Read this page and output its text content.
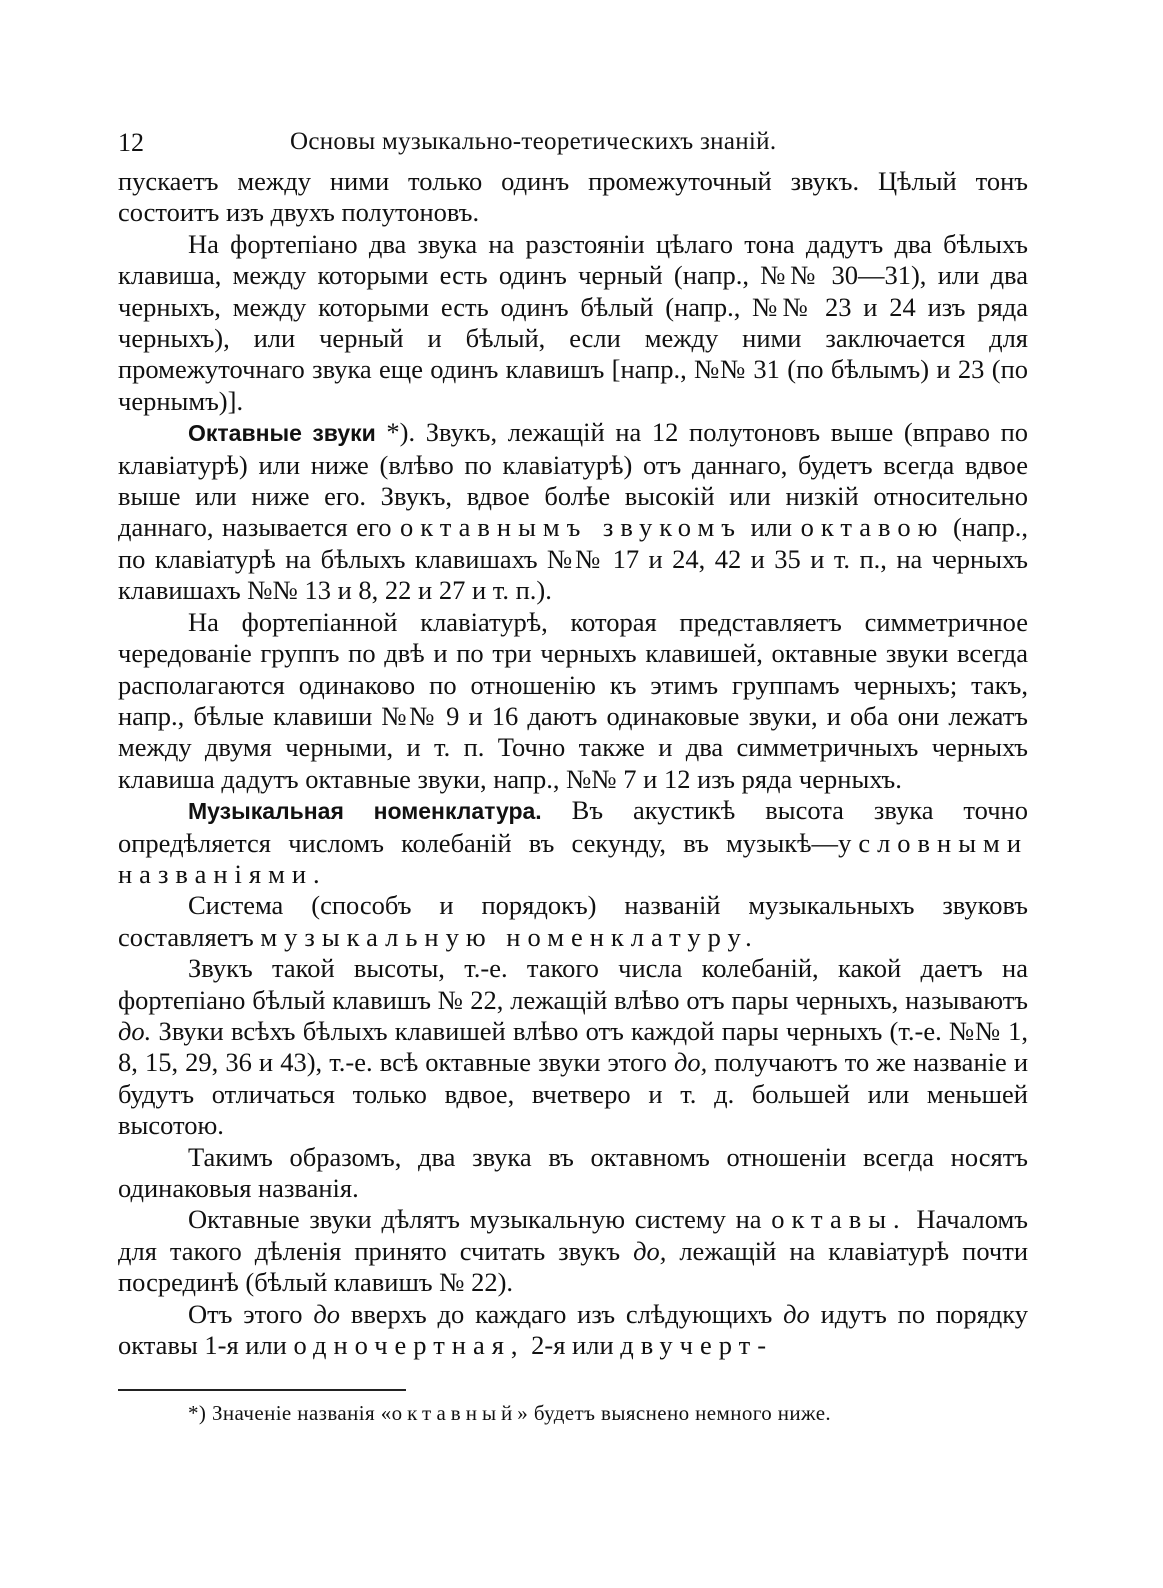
12	Основы музыкально-теоретическихъ знаній.

пускаетъ между ними только одинъ промежуточный звукъ. Цѣлый тонъ состоитъ изъ двухъ полутоновъ.

На фортепіано два звука на разстояніи цѣлаго тона дадутъ два бѣлыхъ клавиша, между которыми есть одинъ черный (напр., №№ 30—31), или два черныхъ, между которыми есть одинъ бѣлый (напр., №№ 23 и 24 изъ ряда черныхъ), или черный и бѣлый, если между ними заключается для промежуточнаго звука еще одинъ клавишъ [напр., №№ 31 (по бѣлымъ) и 23 (по чернымъ)].

Октавные звуки *). Звукъ, лежащій на 12 полутоновъ выше (вправо по клавіатурѣ) или ниже (влѣво по клавіатурѣ) отъ даннаго, будетъ всегда вдвое выше или ниже его. Звукъ, вдвое болѣе высокій или низкій относительно даннаго, называется его октавнымъ звукомъ или октавою (напр., по клавіатурѣ на бѣлыхъ клавишахъ №№ 17 и 24, 42 и 35 и т. п., на черныхъ клавишахъ №№ 13 и 8, 22 и 27 и т. п.).

На фортепіанной клавіатурѣ, которая представляетъ симметричное чередованіе группъ по двѣ и по три черныхъ клавишей, октавные звуки всегда располагаются одинаково по отношенію къ этимъ группамъ черныхъ; такъ, напр., бѣлые клавиши №№ 9 и 16 даютъ одинаковые звуки, и оба они лежатъ между двумя черными, и т. п. Точно также и два симметричныхъ черныхъ клавиша дадутъ октавные звуки, напр., №№ 7 и 12 изъ ряда черныхъ.

Музыкальная номенклатура. Въ акустикѣ высота звука точно опредѣляется числомъ колебаній въ секунду, въ музыкѣ—условными названіями.

Система (способъ и порядокъ) названій музыкальныхъ звуковъ составляетъ музыкальную номенклатуру.

Звукъ такой высоты, т.-е. такого числа колебаній, какой даетъ на фортепіано бѣлый клавишъ № 22, лежащій влѣво отъ пары черныхъ, называютъ до. Звуки всѣхъ бѣлыхъ клавишей влѣво отъ каждой пары черныхъ (т.-е. №№ 1, 8, 15, 29, 36 и 43), т.-е. всѣ октавные звуки этого до, получаютъ то же названіе и будутъ отличаться только вдвое, вчетверо и т. д. большей или меньшей высотою.

Такимъ образомъ, два звука въ октавномъ отношеніи всегда носятъ одинаковыя названія.

Октавные звуки дѣлятъ музыкальную систему на октавы. Началомъ для такого дѣленія принято считать звукъ до, лежащій на клавіатурѣ почти посрединѣ (бѣлый клавишъ № 22).

Отъ этого до вверхъ до каждаго изъ слѣдующихъ до идутъ по порядку октавы 1-я или одночертная, 2-я или двучерт-

*) Значеніе названія «октавный» будетъ выяснено немного ниже.
